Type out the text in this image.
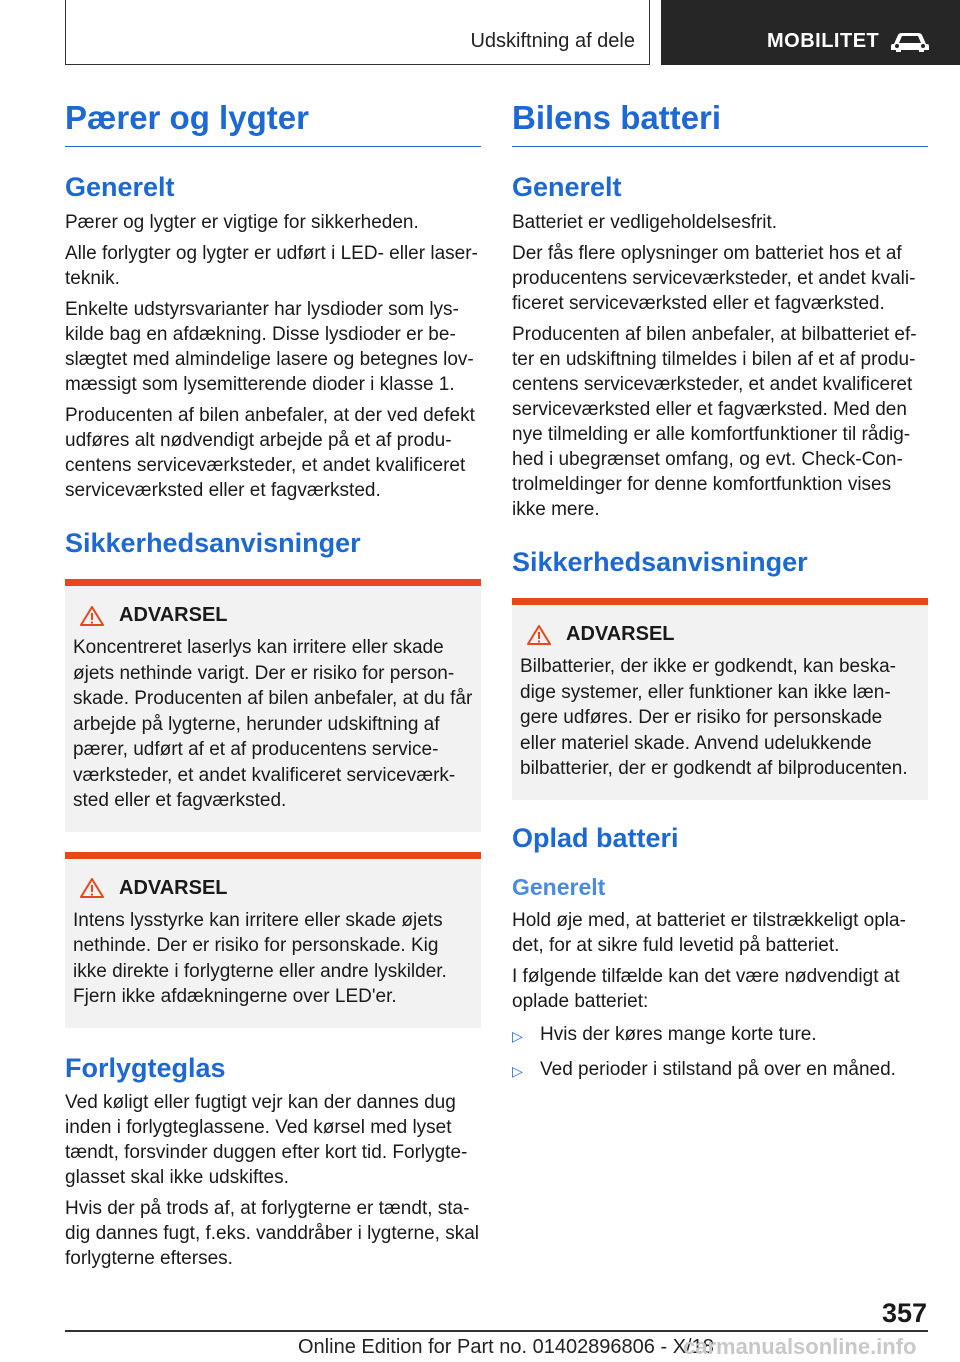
Udskiftning af dele	MOBILITET
Pærer og lygter
Generelt

Pærer og lygter er vigtige for sikkerheden.

Alle forlygter og lygter er udført i LED- eller laserteknik.

Enkelte udstyrsvarianter har lysdioder som lyskilde bag en afdækning. Disse lysdioder er beslægtet med almindelige lasere og betegnes lovmæssigt som lysemitterende dioder i klasse 1.

Producenten af bilen anbefaler, at der ved defekt udføres alt nødvendigt arbejde på et af producentens serviceværksteder, et andet kvalificeret serviceværksted eller et fagværksted.

Sikkerhedsanvisninger
ADVARSEL

Koncentreret laserlys kan irritere eller skade øjets nethinde varigt. Der er risiko for personskade. Producenten af bilen anbefaler, at du får arbejde på lygterne, herunder udskiftning af pærer, udført af et af producentens serviceværksteder, et andet kvalificeret serviceværksted eller et fagværksted.

ADVARSEL

Intens lysstyrke kan irritere eller skade øjets nethinde. Der er risiko for personskade. Kig ikke direkte i forlygterne eller andre lyskilder. Fjern ikke afdækningerne over LED'er.

Forlygteglas

Ved køligt eller fugtigt vejr kan der dannes dug inden i forlygteglassene. Ved kørsel med lyset tændt, forsvinder duggen efter kort tid. Forlygteglasset skal ikke udskiftes.

Hvis der på trods af, at forlygterne er tændt, stadig dannes fugt, f.eks. vanddråber i lygterne, skal forlygterne efterses.

Bilens batteri
Generelt

Batteriet er vedligeholdelsesfrit.

Der fås flere oplysninger om batteriet hos et af producentens serviceværksteder, et andet kvalificeret serviceværksted eller et fagværksted.

Producenten af bilen anbefaler, at bilbatteriet efter en udskiftning tilmeldes i bilen af et af producentens serviceværksteder, et andet kvalificeret serviceværksted eller et fagværksted. Med den nye tilmelding er alle komfortfunktioner til rådighed i ubegrænset omfang, og evt. Check-Controlmeldinger for denne komfortfunktion vises ikke mere.

Sikkerhedsanvisninger
ADVARSEL

Bilbatterier, der ikke er godkendt, kan beskadige systemer, eller funktioner kan ikke længere udføres. Der er risiko for personskade eller materiel skade. Anvend udelukkende bilbatterier, der er godkendt af bilproducenten.

Oplad batteri
Generelt

Hold øje med, at batteriet er tilstrækkeligt opladet, for at sikre fuld levetid på batteriet.

I følgende tilfælde kan det være nødvendigt at oplade batteriet:

▷ Hvis der køres mange korte ture.
▷ Ved perioder i stilstand på over en måned.
357
Online Edition for Part no. 01402896806 - X/18
carmanualsonline.info
